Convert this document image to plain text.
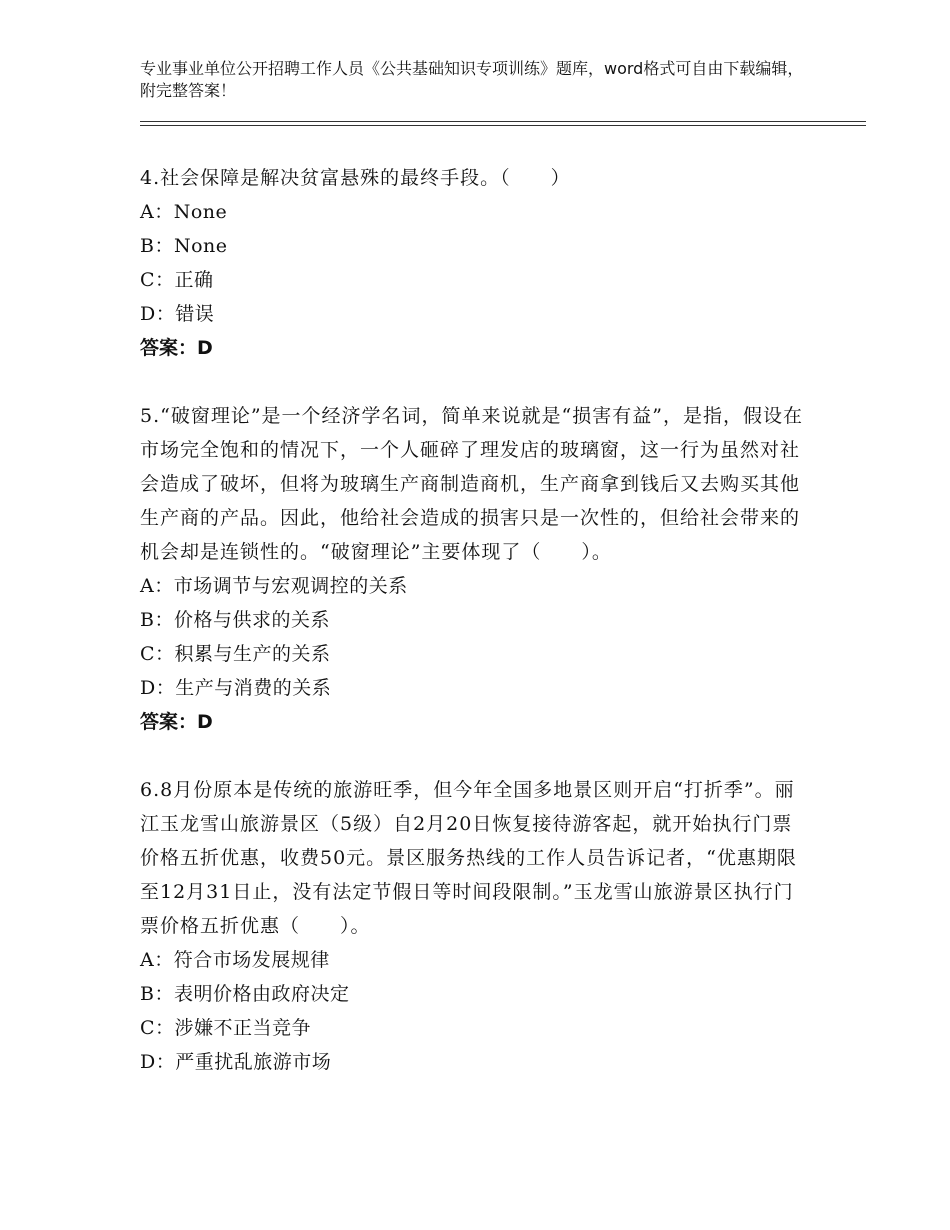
专业事业单位公开招聘工作人员《公共基础知识专项训练》题库，word格式可自由下载编辑，附完整答案！

4.社会保障是解决贫富悬殊的最终手段。（　　）

A：None

B：None

C：正确

D：错误

答案：D

5.“破窗理论”是一个经济学名词，简单来说就是“损害有益”，是指，假设在市场完全饱和的情况下，一个人砸碎了理发店的玻璃窗，这一行为虽然对社会造成了破坏，但将为玻璃生产商制造商机，生产商拿到钱后又去购买其他生产商的产品。因此，他给社会造成的损害只是一次性的，但给社会带来的机会却是连锁性的。“破窗理论”主要体现了（　　）。

A：市场调节与宏观调控的关系

B：价格与供求的关系

C：积累与生产的关系

D：生产与消费的关系

答案：D

6.8月份原本是传统的旅游旺季，但今年全国多地景区则开启“打折季”。丽江玉龙雪山旅游景区（5级）自2月20日恢复接待游客起，就开始执行门票价格五折优惠，收费50元。景区服务热线的工作人员告诉记者，“优惠期限至12月31日止，没有法定节假日等时间段限制。”玉龙雪山旅游景区执行门票价格五折优惠（　　）。

A：符合市场发展规律

B：表明价格由政府决定

C：涉嫌不正当竞争

D：严重扰乱旅游市场
